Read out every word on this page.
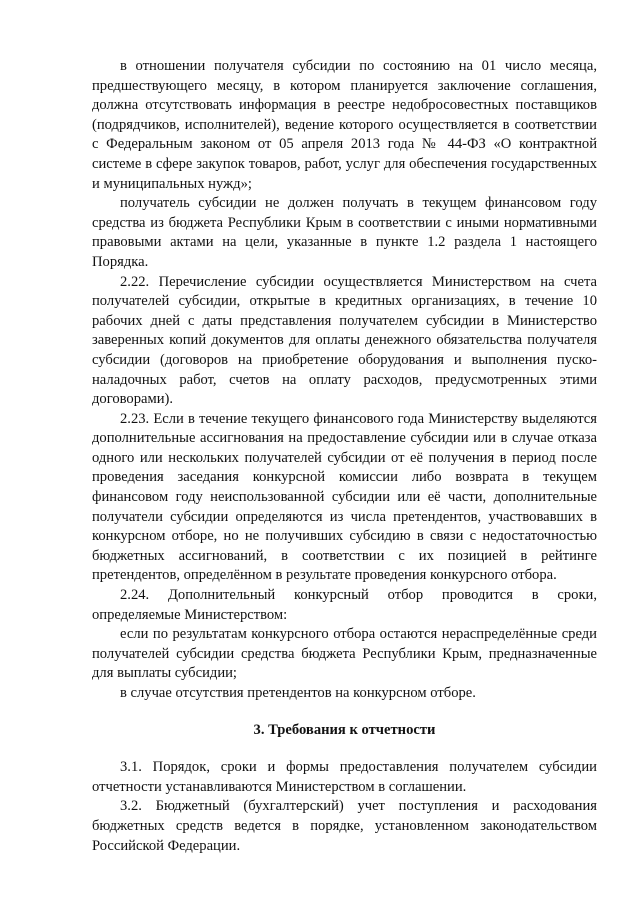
в отношении получателя субсидии по состоянию на 01 число месяца, предшествующего месяцу, в котором планируется заключение соглашения, должна отсутствовать информация в реестре недобросовестных поставщиков (подрядчиков, исполнителей), ведение которого осуществляется в соответствии с Федеральным законом от 05 апреля 2013 года № 44-ФЗ «О контрактной системе в сфере закупок товаров, работ, услуг для обеспечения государственных и муниципальных нужд»;

получатель субсидии не должен получать в текущем финансовом году средства из бюджета Республики Крым в соответствии с иными нормативными правовыми актами на цели, указанные в пункте 1.2 раздела 1 настоящего Порядка.

2.22. Перечисление субсидии осуществляется Министерством на счета получателей субсидии, открытые в кредитных организациях, в течение 10 рабочих дней с даты представления получателем субсидии в Министерство заверенных копий документов для оплаты денежного обязательства получателя субсидии (договоров на приобретение оборудования и выполнения пуско-наладочных работ, счетов на оплату расходов, предусмотренных этими договорами).

2.23. Если в течение текущего финансового года Министерству выделяются дополнительные ассигнования на предоставление субсидии или в случае отказа одного или нескольких получателей субсидии от её получения в период после проведения заседания конкурсной комиссии либо возврата в текущем финансовом году неиспользованной субсидии или её части, дополнительные получатели субсидии определяются из числа претендентов, участвовавших в конкурсном отборе, но не получивших субсидию в связи с недостаточностью бюджетных ассигнований, в соответствии с их позицией в рейтинге претендентов, определённом в результате проведения конкурсного отбора.

2.24. Дополнительный конкурсный отбор проводится в сроки, определяемые Министерством:

если по результатам конкурсного отбора остаются нераспределённые среди получателей субсидии средства бюджета Республики Крым, предназначенные для выплаты субсидии;

в случае отсутствия претендентов на конкурсном отборе.

3. Требования к отчетности

3.1. Порядок, сроки и формы предоставления получателем субсидии отчетности устанавливаются Министерством в соглашении.

3.2. Бюджетный (бухгалтерский) учет поступления и расходования бюджетных средств ведется в порядке, установленном законодательством Российской Федерации.
